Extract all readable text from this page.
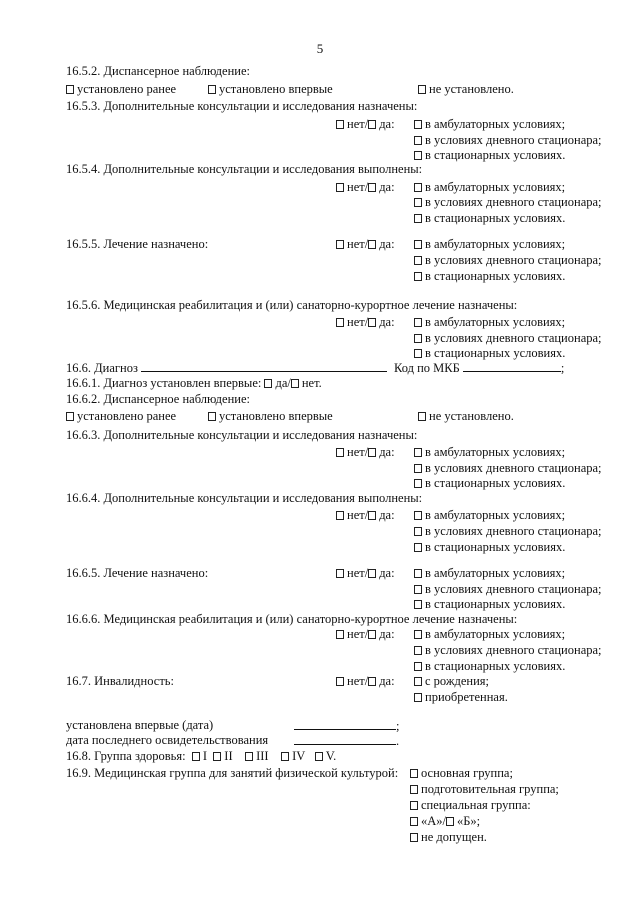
5
16.5.2. Диспансерное наблюдение:
установлено ранее	установлено впервые	не установлено.
16.5.3. Дополнительные консультации и исследования назначены:
нет/ да:	в амбулаторных условиях;
в условиях дневного стационара;
в стационарных условиях.
16.5.4. Дополнительные консультации и исследования выполнены:
нет/ да:	в амбулаторных условиях;
в условиях дневного стационара;
в стационарных условиях.
16.5.5. Лечение назначено:	нет/ да:	в амбулаторных условиях;
в условиях дневного стационара;
в стационарных условиях.
16.5.6. Медицинская реабилитация и (или) санаторно-курортное лечение назначены:
нет/ да:	в амбулаторных условиях;
в условиях дневного стационара;
в стационарных условиях.
16.6. Диагноз	Код по МКБ	;
16.6.1. Диагноз установлен впервые: да/ нет.
16.6.2. Диспансерное наблюдение:
установлено ранее	установлено впервые	не установлено.
16.6.3. Дополнительные консультации и исследования назначены:
нет/ да:	в амбулаторных условиях;
в условиях дневного стационара;
в стационарных условиях.
16.6.4. Дополнительные консультации и исследования выполнены:
нет/ да:	в амбулаторных условиях;
в условиях дневного стационара;
в стационарных условиях.
16.6.5. Лечение назначено:	нет/ да:	в амбулаторных условиях;
в условиях дневного стационара;
в стационарных условиях.
16.6.6. Медицинская реабилитация и (или) санаторно-курортное лечение назначены:
нет/ да:	в амбулаторных условиях;
в условиях дневного стационара;
в стационарных условиях.
16.7. Инвалидность:	нет/ да:	с рождения;
приобретенная.
установлена впервые (дата)	;
дата последнего освидетельствования	.
16.8. Группа здоровья: I II III IV V.
16.9. Медицинская группа для занятий физической культурой:	основная группа;
подготовительная группа;
специальная группа:
«А»/ «Б»;
не допущен.
